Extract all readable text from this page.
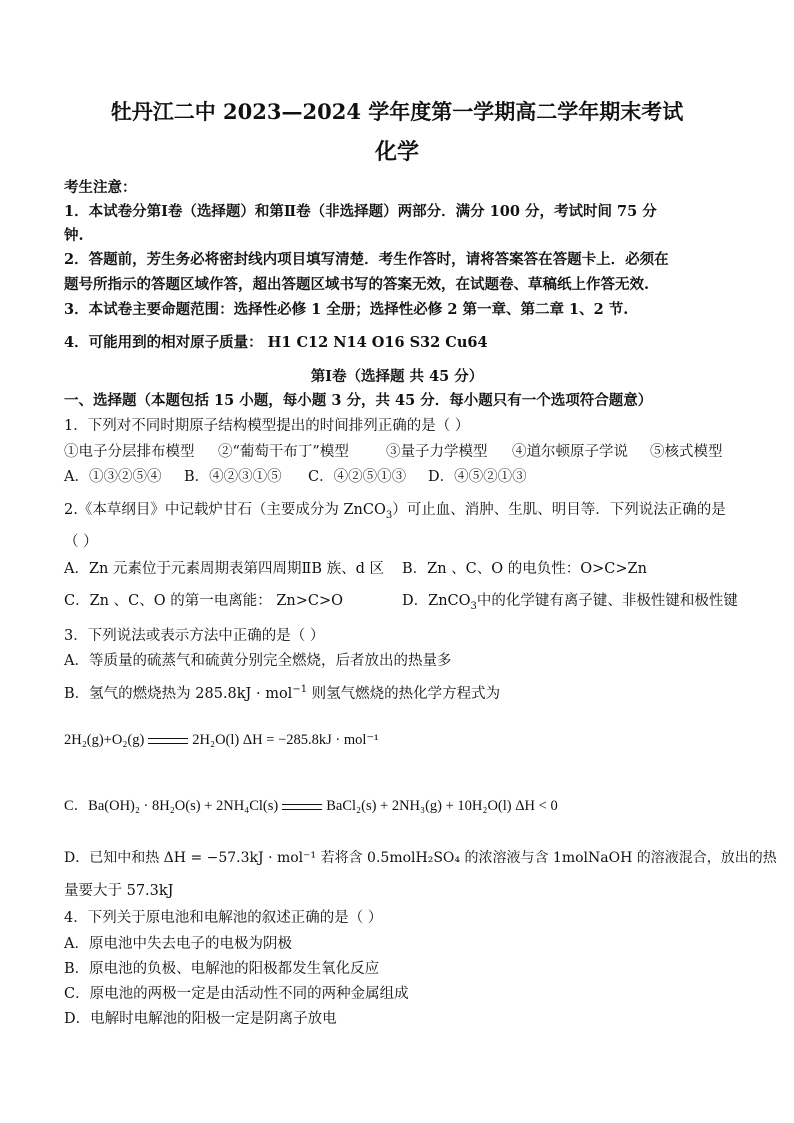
牡丹江二中 2023—2024 学年度第一学期高二学年期末考试
化学
考生注意：
1．本试卷分第Ⅰ卷（选择题）和第Ⅱ卷（非选择题）两部分．满分 100 分，考试时间 75 分
钟.
2．答题前，芳生务必将密封线内项目填写清楚．考生作答时，请将答案答在答题卡上．必须在
题号所指示的答题区域作答，超出答题区域书写的答案无效，在试题卷、草稿纸上作答无效.
3．本试卷主要命题范围：选择性必修 1 全册；选择性必修 2 第一章、第二章 1、2 节.
4．可能用到的相对原子质量： H1 C12 N14 O16 S32 Cu64
第Ⅰ卷（选择题 共 45 分）
一、选择题（本题包括 15 小题，每小题 3 分，共 45 分．每小题只有一个选项符合题意）
1．下列对不同时期原子结构模型提出的时间排列正确的是（ ）
①电子分层排布模型 ②“葡萄干布丁”模型	③量子力学模型 ④道尔顿原子学说 ⑤核式模型
A．①③②⑤④ B．④②③①⑤ C．④②⑤①③ D．④⑤②①③
2.《本草纲目》中记载炉甘石（主要成分为 ZnCO$_3$）可止血、消肿、生肌、明目等．下列说法正确的是
（ ）
A．Zn 元素位于元素周期表第四周期ⅡB 族、d 区 B．Zn 、C、O 的电负性：O>C>Zn
C．Zn 、C、O 的第一电离能： Zn>C>O	D．ZnCO$_3$中的化学键有离子键、非极性键和极性键
3．下列说法或表示方法中正确的是（ ）
A．等质量的硫蒸气和硫黄分别完全燃烧，后者放出的热量多
B．氢气的燃烧热为 285.8kJ · mol$^{-1}$ 则氢气燃烧的热化学方程式为
2H₂(g)+O₂(g)	2H₂O(l) ΔH = −285.8kJ · mol⁻¹
C．Ba(OH)₂ · 8H₂O(s) + 2NH₄Cl(s)	BaCl₂(s) + 2NH₃(g) + 10H₂O(l) ΔH < 0
D．已知中和热 ΔH = −57.3kJ · mol⁻¹ 若将含 0.5molH₂SO₄ 的浓溶液与含 1molNaOH 的溶液混合，放出的热
量要大于 57.3kJ
4．下列关于原电池和电解池的叙述正确的是（ ）
A．原电池中失去电子的电极为阴极
B．原电池的负极、电解池的阳极都发生氧化反应
C．原电池的两极一定是由活动性不同的两种金属组成
D．电解时电解池的阳极一定是阴离子放电
